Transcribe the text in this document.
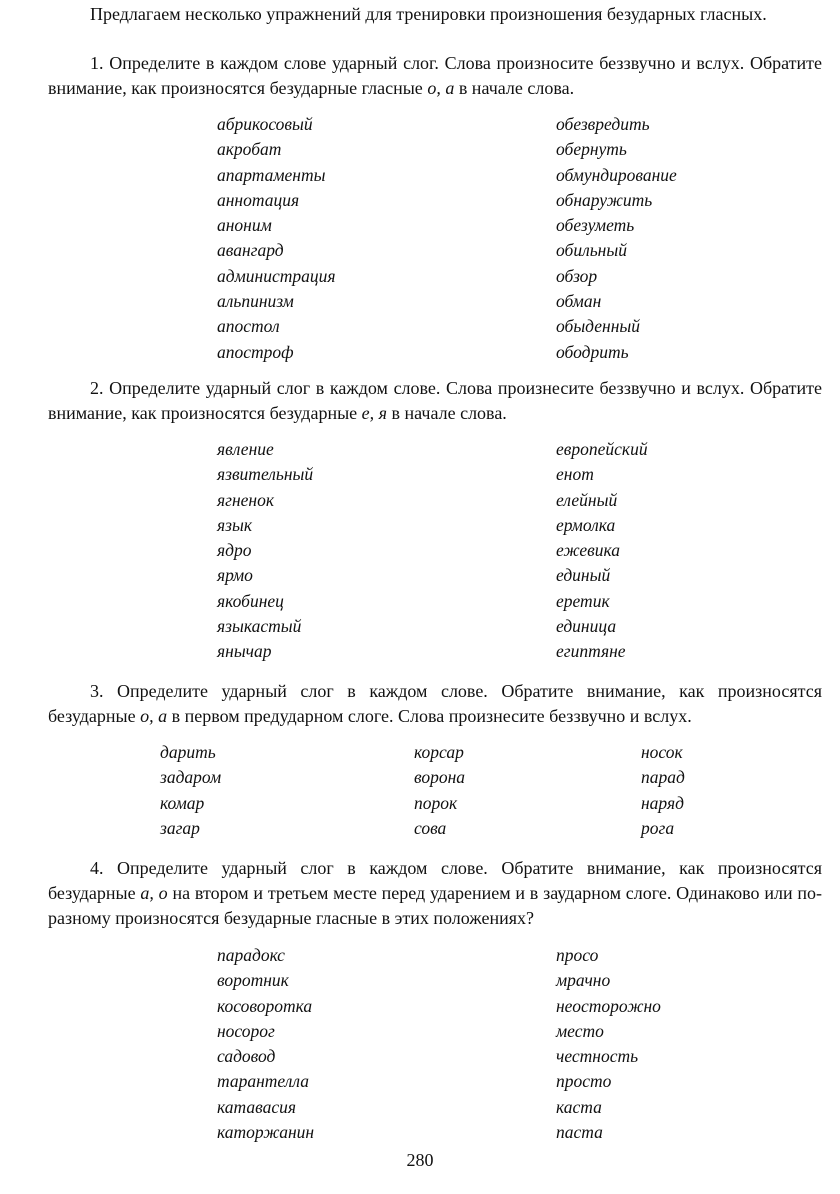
Предлагаем несколько упражнений для тренировки произношения безударных гласных.

1. Определите в каждом слове ударный слог. Слова произносите беззвучно и вслух. Обратите внимание, как произносятся безударные гласные о, а в начале слова.

абрикосовый
акробат
апартаменты
аннотация
аноним
авангард
администрация
альпинизм
апостол
апостроф
обезвредить
обернуть
обмундирование
обнаружить
обезуметь
обильный
обзор
обман
обыденный
ободрить

2. Определите ударный слог в каждом слове. Слова произнесите беззвучно и вслух. Обратите внимание, как произносятся безударные е, я в начале слова.

явление
язвительный
ягненок
язык
ядро
ярмо
якобинец
языкастый
янычар
европейский
енот
елейный
ермолка
ежевика
единый
еретик
единица
египтяне

3. Определите ударный слог в каждом слове. Обратите внимание, как произносятся безударные о, а в первом предударном слоге. Слова произнесите беззвучно и вслух.

дарить
задаром
комар
загар
корсар
ворона
порок
сова
носок
парад
наряд
рога

4. Определите ударный слог в каждом слове. Обратите внимание, как произносятся безударные а, о на втором и третьем месте перед ударением и в заударном слоге. Одинаково или по-разному произносятся безударные гласные в этих положениях?

парадокс
воротник
косоворотка
носорог
садовод
тарантелла
катавасия
каторжанин
просо
мрачно
неосторожно
место
честность
просто
каста
паста
280
